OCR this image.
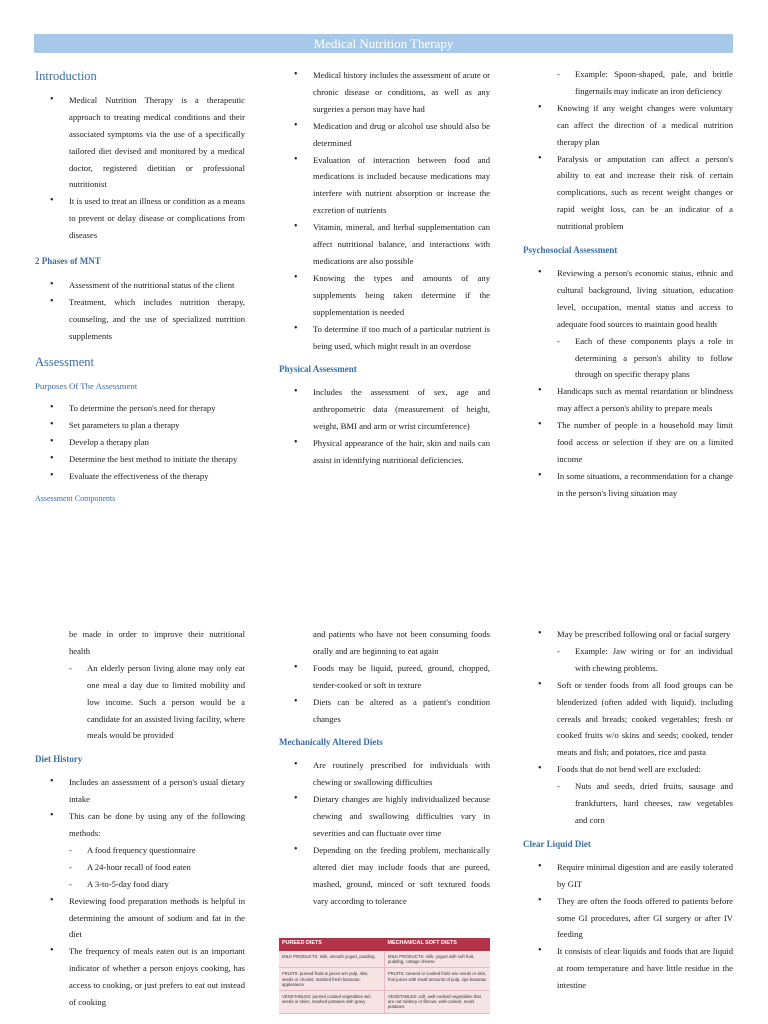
Medical Nutrition Therapy
Introduction
• Medical Nutrition Therapy is a therapeutic approach to treating medical conditions and their associated symptoms via the use of a specifically tailored diet devised and monitored by a medical doctor, registered dietitian or professional nutritionist
• It is used to treat an illness or condition as a means to prevent or delay disease or complications from diseases
2 Phases of MNT
• Assessment of the nutritional status of the client
• Treatment, which includes nutrition therapy, counseling, and the use of specialized nutrition supplements
Assessment
Purposes Of The Assessment
• To determine the person's need for therapy
• Set parameters to plan a therapy
• Develop a therapy plan
• Determine the best method to initiate the therapy
• Evaluate the effectiveness of the therapy
Assessment Components
• Medical history includes the assessment of acute or chronic disease or conditions, as well as any surgeries a person may have had
• Medication and drug or alcohol use should also be determined
• Evaluation of interaction between food and medications is included because medications may interfere with nutrient absorption or increase the excretion of nutrients
• Vitamin, mineral, and herbal supplementation can affect nutritional balance, and interactions with medications are also possible
• Knowing the types and amounts of any supplements being taken determine if the supplementation is needed
• To determine if too much of a particular nutrient is being used, which might result in an overdose
Physical Assessment
• Includes the assessment of sex, age and anthropometric data (measurement of height, weight, BMI and arm or wrist circumference)
• Physical appearance of the hair, skin and nails can assist in identifying nutritional deficiencies.
- Example: Spoon-shaped, pale, and brittle fingernails may indicate an iron deficiency
• Knowing if any weight changes were voluntary can affect the direction of a medical nutrition therapy plan
• Paralysis or amputation can affect a person's ability to eat and increase their risk of certain complications, such as recent weight changes or rapid weight loss, can be an indicator of a nutritional problem
Psychosocial Assessment
• Reviewing a person's economic status, ethnic and cultural background, living situation, education level, occupation, mental status and access to adequate food sources to maintain good health
- Each of these components plays a role in determining a person's ability to follow through on specific therapy plans
• Handicaps such as mental retardation or blindness may affect a person's ability to prepare meals
• The number of people in a household may limit food access or selection if they are on a limited income
• In some situations, a recommendation for a change in the person's living situation may

be made in order to improve their nutritional health

- An elderly person living alone may only eat one meal a day due to limited mobility and low income. Such a person would be a candidate for an assisted living facility, where meals would be provided
Diet History
• Includes an assessment of a person's usual dietary intake
• This can be done by using any of the following methods:
- A food frequency questionnaire
- A 24-hour recall of food eaten
- A 3-to-5-day food diary
• Reviewing food preparation methods is helpful in determining the amount of sodium and fat in the diet
• The frequency of meals eaten out is an important indicator of whether a person enjoys cooking, has access to cooking, or just prefers to eat out instead of cooking

and patients who have not been consuming foods orally and are beginning to eat again

• Foods may be liquid, pureed, ground, chopped, tender-cooked or soft in texture
• Diets can be altered as a patient's condition changes
Mechanically Altered Diets
• Are routinely prescribed for individuals with chewing or swallowing difficulties
• Dietary changes are highly individualized because chewing and swallowing difficulties vary in severities and can fluctuate over time
• Depending on the feeding problem, mechanically altered diet may include foods that are pureed, mashed, ground, minced or soft textured foods vary according to tolerance
PUREED DIETS	MECHANICAL SOFT DIETS
MILK PRODUCTS: milk, smooth yogurt, pudding	MILK PRODUCTS: milk, yogurt with soft fruit, pudding, cottage cheese
FRUITS: pureed fruits & juices w/o pulp, skin, seeds or chunks; mashed fresh bananas; applesauce
FRUITS: canned or cooked fruits w/o seeds or skin, fruit juices with small amounts of pulp, ripe bananas
VEGETABLES: pureed cooked vegetables w/o seeds or skins, mashed potatoes with gravy
VEGETABLES: soft, well-cooked vegetables that are not rubbery or fibrous, well-cooked, moist potatoes
• May be prescribed following oral or facial surgery
- Example: Jaw wiring or for an individual with chewing problems.
• Soft or tender foods from all food groups can be blenderized (often added with liquid). including cereals and breads; cooked vegetables; fresh or cooked fruits w/o skins and seeds; cooked, tender meats and fish; and potatoes, rice and pasta
• Foods that do not bend well are excluded:
- Nuts and seeds, dried fruits, sausage and frankfurters, hard cheeses, raw vegetables and corn
Clear Liquid Diet
• Require minimal digestion and are easily tolerated by GIT
• They are often the foods offered to patients before some GI procedures, after GI surgery or after IV feeding
• It consists of clear liquids and foods that are liquid at room temperature and have little residue in the intestine
